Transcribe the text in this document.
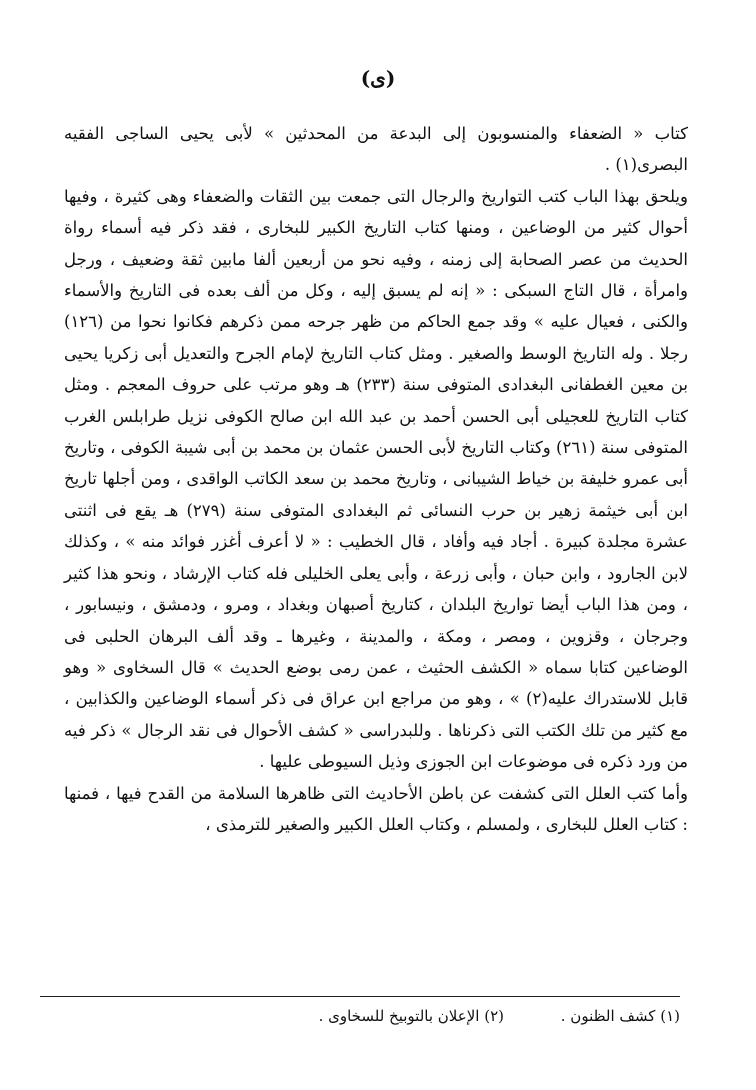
(ى)

كتاب « الضعفاء والمنسوبون إلى البدعة من المحدثين » لأبى يحيى الساجى الفقيه البصرى(١) .

ويلحق بهذا الباب كتب التواريخ والرجال التى جمعت بين الثقات والضعفاء وهى كثيرة ، وفيها أحوال كثير من الوضاعين ، ومنها كتاب التاريخ الكبير للبخارى ، فقد ذكر فيه أسماء رواة الحديث من عصر الصحابة إلى زمنه ، وفيه نحو من أربعين ألفا مابين ثقة وضعيف ، ورجل وامرأة ، قال التاج السبكى : « إنه لم يسبق إليه ، وكل من ألف بعده فى التاريخ والأسماء والكنى ، فعيال عليه » وقد جمع الحاكم من ظهر جرحه ممن ذكرهم فكانوا نحوا من (١٢٦) رجلا . وله التاريخ الوسط والصغير . ومثل كتاب التاريخ لإمام الجرح والتعديل أبى زكريا يحيى بن معين الغطفانى البغدادى المتوفى سنة (٢٣٣) هـ وهو مرتب على حروف المعجم . ومثل كتاب التاريخ للعجيلى أبى الحسن أحمد بن عبد الله ابن صالح الكوفى نزيل طرابلس الغرب المتوفى سنة (٢٦١) وكتاب التاريخ لأبى الحسن عثمان بن محمد بن أبى شيبة الكوفى ، وتاريخ أبى عمرو خليفة بن خياط الشيبانى ، وتاريخ محمد بن سعد الكاتب الواقدى ، ومن أجلها تاريخ ابن أبى خيثمة زهير بن حرب النسائى ثم البغدادى المتوفى سنة (٢٧٩) هـ يقع فى اثنتى عشرة مجلدة كبيرة . أجاد فيه وأفاد ، قال الخطيب : « لا أعرف أغزر فوائد منه » ، وكذلك لابن الجارود ، وابن حبان ، وأبى زرعة ، وأبى يعلى الخليلى فله كتاب الإرشاد ، ونحو هذا كثير ، ومن هذا الباب أيضا تواريخ البلدان ، كتاريخ أصبهان وبغداد ، ومرو ، ودمشق ، ونيسابور ، وجرجان ، وقزوين ، ومصر ، ومكة ، والمدينة ، وغيرها ـ وقد ألف البرهان الحلبى فى الوضاعين كتابا سماه « الكشف الحثيث ، عمن رمى بوضع الحديث » قال السخاوى « وهو قابل للاستدراك عليه(٢) » ، وهو من مراجع ابن عراق فى ذكر أسماء الوضاعين والكذابين ، مع كثير من تلك الكتب التى ذكرناها . وللبدراسى « كشف الأحوال فى نقد الرجال » ذكر فيه من ورد ذكره فى موضوعات ابن الجوزى وذيل السيوطى عليها .

وأما كتب العلل التى كشفت عن باطن الأحاديث التى ظاهرها السلامة من القدح فيها ، فمنها : كتاب العلل للبخارى ، ولمسلم ، وكتاب العلل الكبير والصغير للترمذى ،

(١) كشف الظنون . (٢) الإعلان بالتوبيخ للسخاوى .
